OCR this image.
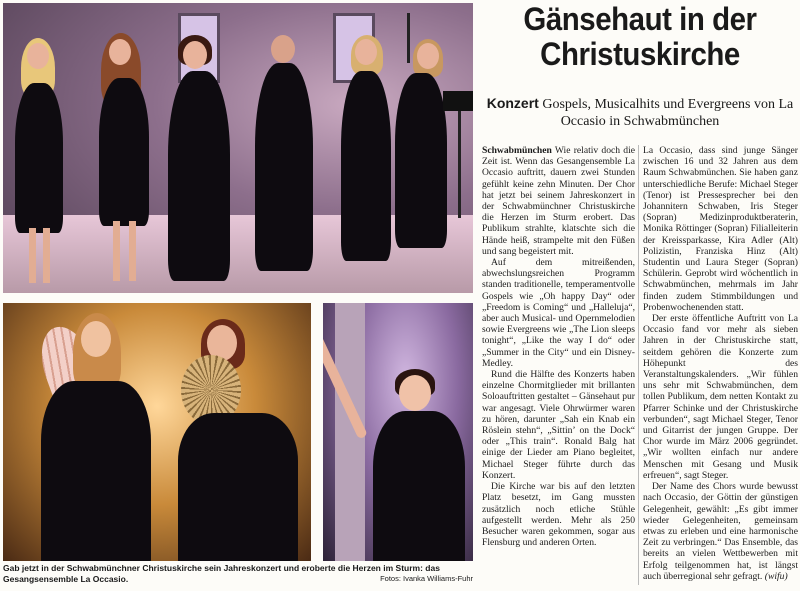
Gab jetzt in der Schwabmünchner Christuskirche sein Jahreskonzert und eroberte die Herzen im Sturm: das Gesangsensemble La Occasio.	Fotos: Ivanka Williams-Fuhr
Gänsehaut in der Christuskirche
Konzert Gospels, Musicalhits und Evergreens von La Occasio in Schwabmünchen

Schwabmünchen Wie relativ doch die Zeit ist. Wenn das Gesangensemble La Occasio auftritt, dauern zwei Stunden gefühlt keine zehn Minuten. Der Chor hat jetzt bei seinem Jahreskonzert in der Schwabmünchner Christuskirche die Herzen im Sturm erobert. Das Publikum strahlte, klatschte sich die Hände heiß, strampelte mit den Füßen und sang begeistert mit.

Auf dem mitreißenden, abwechslungsreichen Programm standen traditionelle, temperamentvolle Gospels wie „Oh happy Day“ oder „Freedom is Coming“ und „Halleluja“, aber auch Musical- und Opernmelodien sowie Evergreens wie „The Lion sleeps tonight“, „Like the way I do“ oder „Summer in the City“ und ein Disney-Medley.

Rund die Hälfte des Konzerts haben einzelne Chormitglieder mit brillanten Soloauftritten gestaltet – Gänsehaut pur war angesagt. Viele Ohrwürmer waren zu hören, darunter „Sah ein Knab ein Röslein stehn“, „Sittin’ on the Dock“ oder „This train“. Ronald Balg hat einige der Lieder am Piano begleitet, Michael Steger führte durch das Konzert.

Die Kirche war bis auf den letzten Platz besetzt, im Gang mussten zusätzlich noch etliche Stühle aufgestellt werden. Mehr als 250 Besucher waren gekommen, sogar aus Flensburg und anderen Orten.

La Occasio, dass sind junge Sänger zwischen 16 und 32 Jahren aus dem Raum Schwabmünchen. Sie haben ganz unterschiedliche Berufe: Michael Steger (Tenor) ist Pressesprecher bei den Johannitern Schwaben, Iris Steger (Sopran) Medizinproduktberaterin, Monika Röttinger (Sopran) Filialleiterin der Kreissparkasse, Kira Adler (Alt) Polizistin, Franziska Hinz (Alt) Studentin und Laura Steger (Sopran) Schülerin. Geprobt wird wöchentlich in Schwabmünchen, mehrmals im Jahr finden zudem Stimmbildungen und Probenwochenenden statt.

Der erste öffentliche Auftritt von La Occasio fand vor mehr als sieben Jahren in der Christuskirche statt, seitdem gehören die Konzerte zum Höhepunkt des Veranstaltungskalenders. „Wir fühlen uns sehr mit Schwabmünchen, dem tollen Publikum, dem netten Kontakt zu Pfarrer Schinke und der Christuskirche verbunden“, sagt Michael Steger, Tenor und Gitarrist der jungen Gruppe. Der Chor wurde im März 2006 gegründet. „Wir wollten einfach nur andere Menschen mit Gesang und Musik erfreuen“, sagt Steger.

Der Name des Chors wurde bewusst nach Occasio, der Göttin der günstigen Gelegenheit, gewählt: „Es gibt immer wieder Gelegenheiten, gemeinsam etwas zu erleben und eine harmonische Zeit zu verbringen.“ Das Ensemble, das bereits an vielen Wettbewerben mit Erfolg teilgenommen hat, ist längst auch überregional sehr gefragt. (wifu)
